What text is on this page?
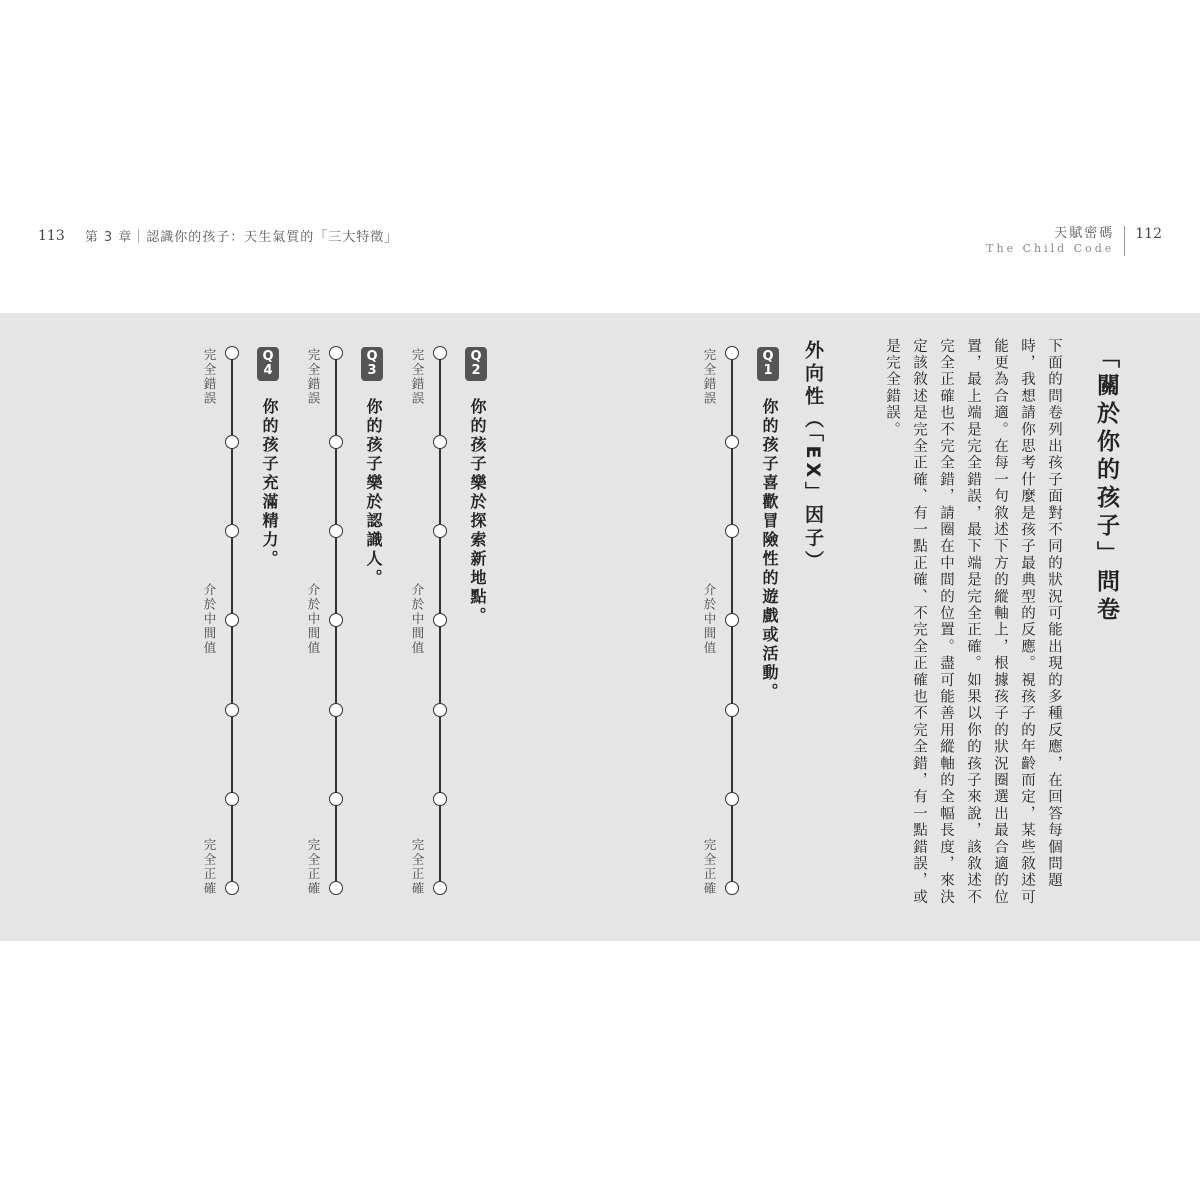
113 第 3 章｜認識你的孩子：天生氣質的「三大特徵」	天賦密碼
The Child Code
112
「關於你的孩子」問卷
下面的問卷列出孩子面對不同的狀況可能出現的多種反應，在回答每個問題時，我想請你思考什麼是孩子最典型的反應。視孩子的年齡而定，某些敘述可能更為合適。在每一句敘述下方的縱軸上，根據孩子的狀況圈選出最合適的位置，最上端是完全錯誤，最下端是完全正確。如果以你的孩子來說，該敘述不完全正確也不完全錯，請圈在中間的位置。盡可能善用縱軸的全幅長度，來決定該敘述是完全正確、有一點正確、不完全正確也不完全錯，有一點錯誤，或是完全錯誤。
外向性（「EX」因子）
Q
1
你的孩子喜歡冒險性的遊戲或活動。
完全錯誤
介於中間值
完全正確
Q
2
你的孩子樂於探索新地點。
完全錯誤
介於中間值
完全正確
Q
3
你的孩子樂於認識人。
完全錯誤
介於中間值
完全正確
Q
4
你的孩子充滿精力。
完全錯誤
介於中間值
完全正確
